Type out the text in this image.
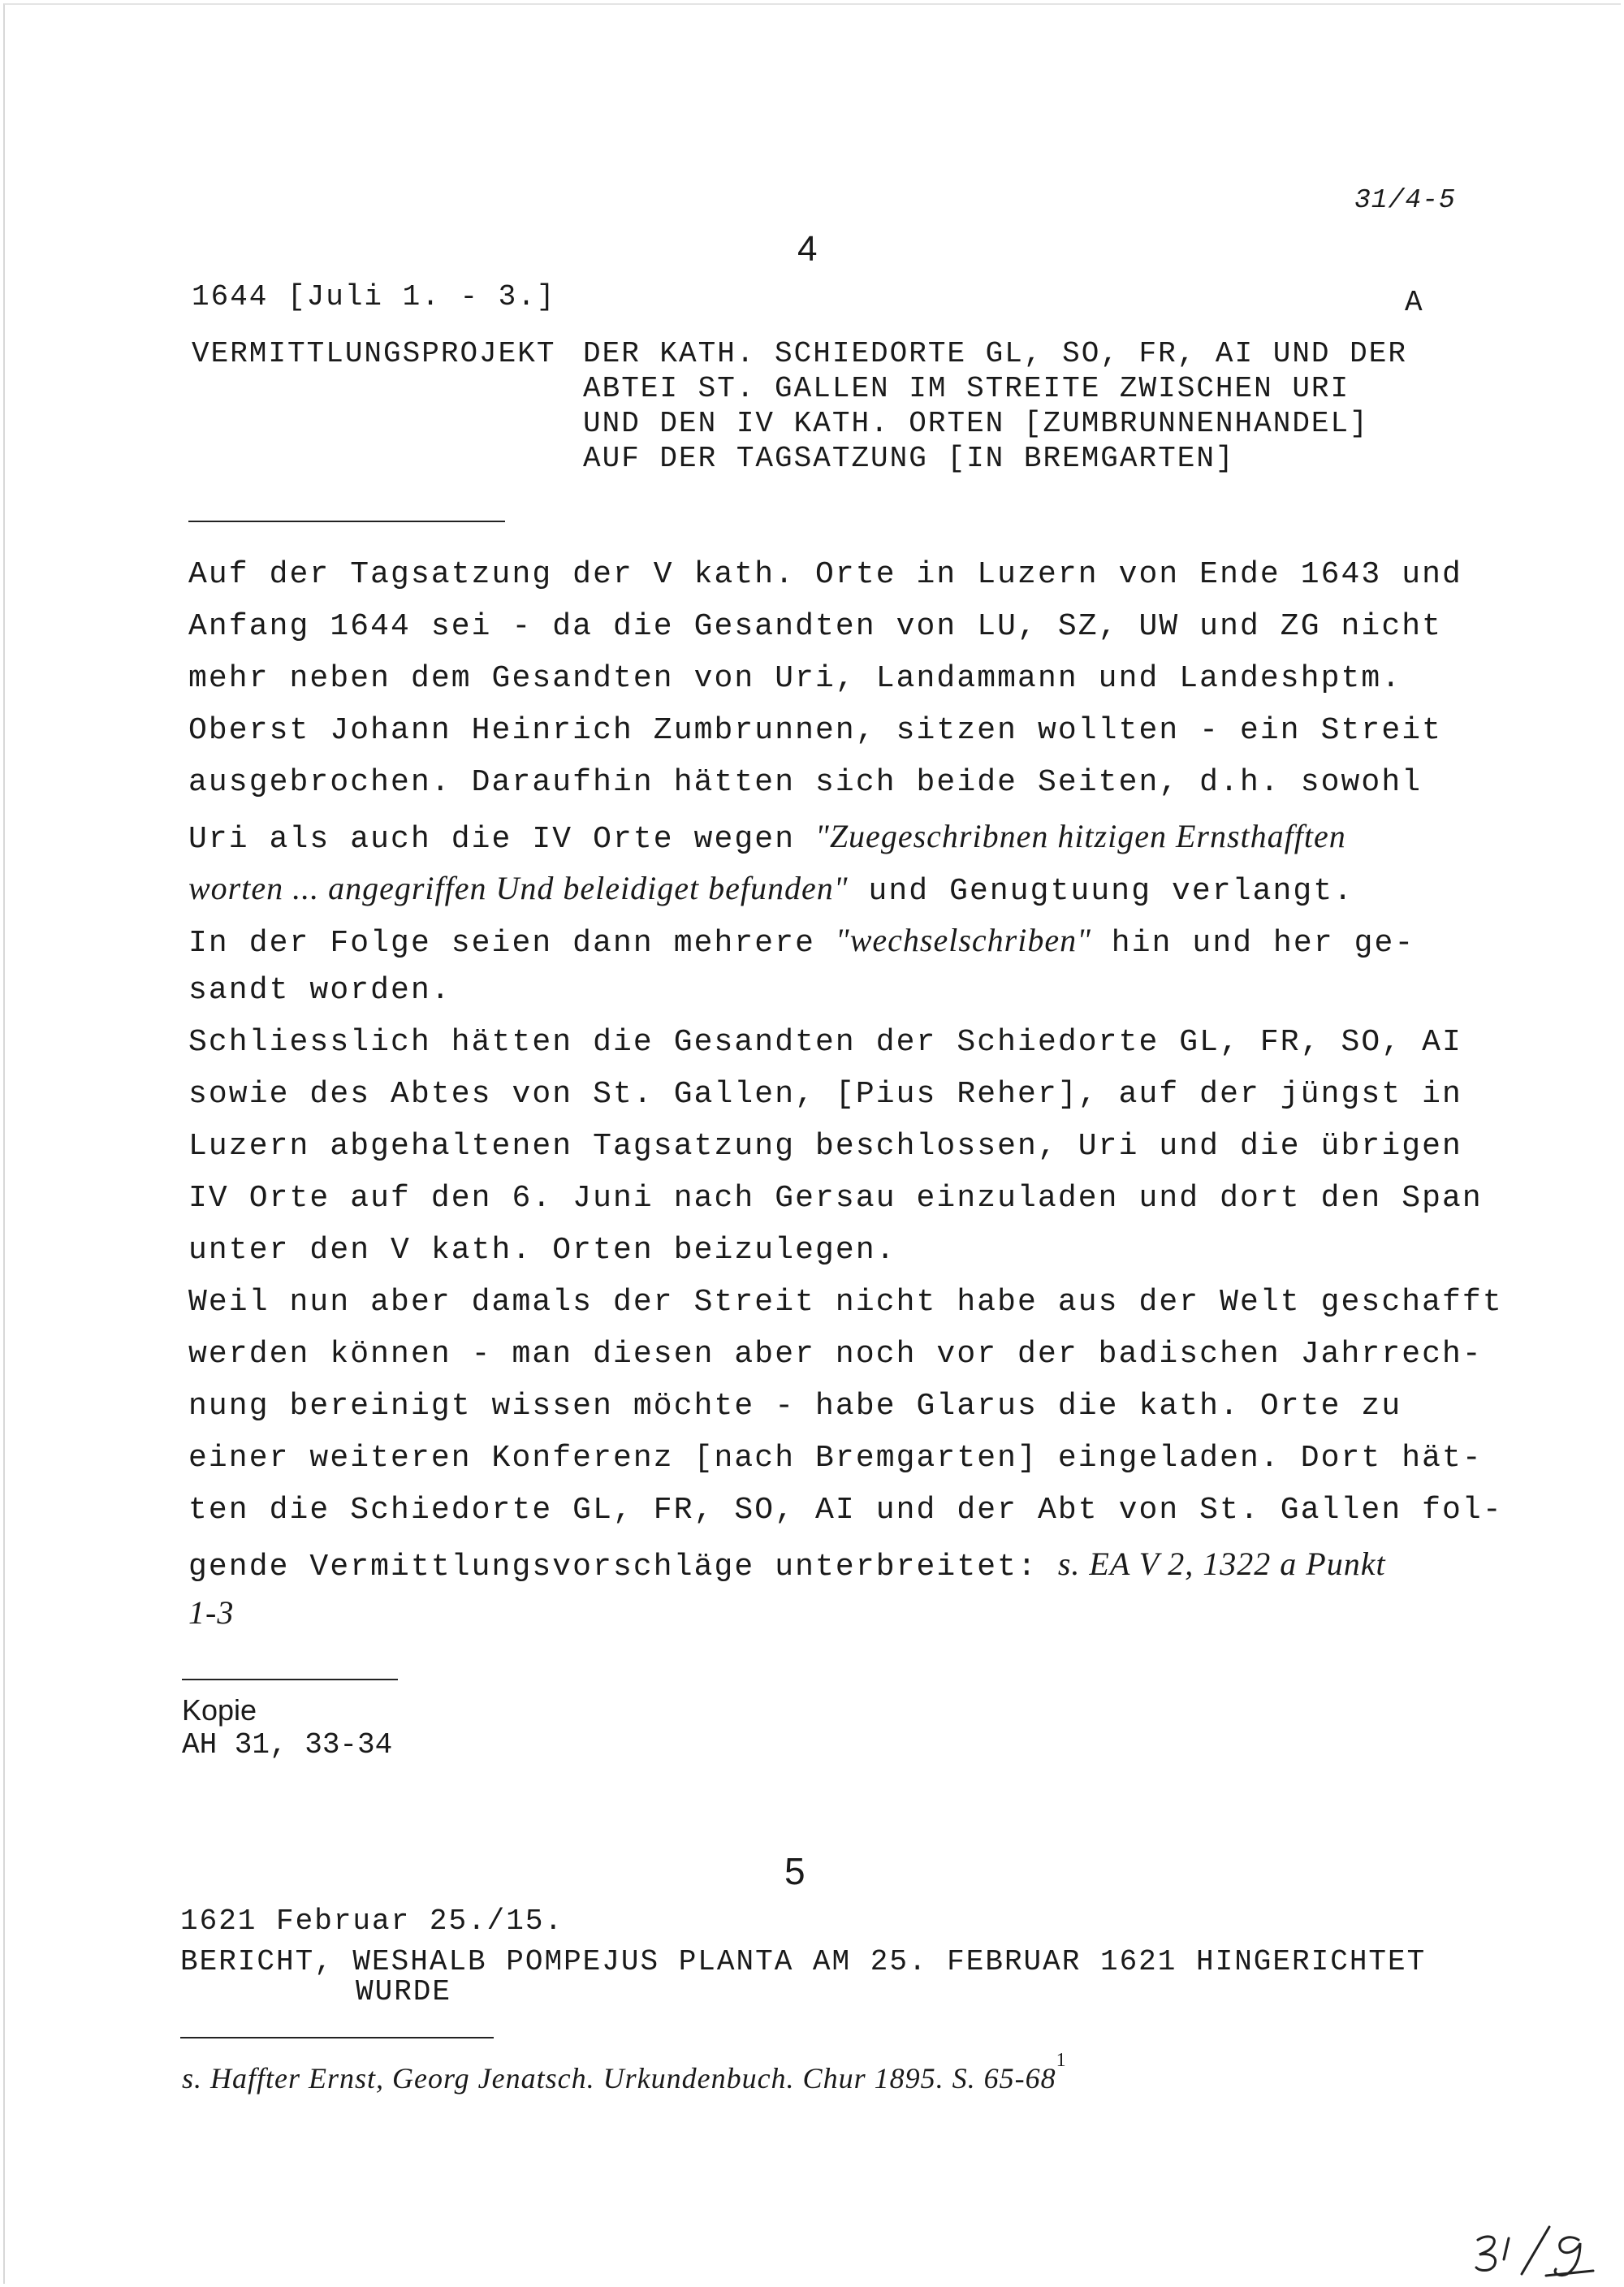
31/4-5
4
1644 [Juli 1. - 3.]	A
VERMITTLUNGSPROJEKT DER KATH. SCHIEDORTE GL, SO, FR, AI UND DER
ABTEI ST. GALLEN IM STREITE ZWISCHEN URI
UND DEN IV KATH. ORTEN [ZUMBRUNNENHANDEL]
AUF DER TAGSATZUNG [IN BREMGARTEN]
Auf der Tagsatzung der V kath. Orte in Luzern von Ende 1643 und
Anfang 1644 sei - da die Gesandten von LU, SZ, UW und ZG nicht
mehr neben dem Gesandten von Uri, Landammann und Landeshptm.
Oberst Johann Heinrich Zumbrunnen, sitzen wollten - ein Streit
ausgebrochen. Daraufhin hätten sich beide Seiten, d.h. sowohl
Uri als auch die IV Orte wegen "Zuegeschribnen hitzigen Ernsthafften
worten ... angegriffen Und beleidiget befunden" und Genugtuung verlangt.
In der Folge seien dann mehrere "wechselschriben" hin und her ge-
sandt worden.
Schliesslich hätten die Gesandten der Schiedorte GL, FR, SO, AI
sowie des Abtes von St. Gallen, [Pius Reher], auf der jüngst in
Luzern abgehaltenen Tagsatzung beschlossen, Uri und die übrigen
IV Orte auf den 6. Juni nach Gersau einzuladen und dort den Span
unter den V kath. Orten beizulegen.
Weil nun aber damals der Streit nicht habe aus der Welt geschafft
werden können - man diesen aber noch vor der badischen Jahrrech-
nung bereinigt wissen möchte - habe Glarus die kath. Orte zu
einer weiteren Konferenz [nach Bremgarten] eingeladen. Dort hät-
ten die Schiedorte GL, FR, SO, AI und der Abt von St. Gallen fol-
gende Vermittlungsvorschläge unterbreitet: s. EA V 2, 1322 a Punkt
1-3
Kopie
AH 31, 33-34
5
1621 Februar 25./15.
BERICHT, WESHALB POMPEJUS PLANTA AM 25. FEBRUAR 1621 HINGERICHTET
WURDE
s. Haffter Ernst, Georg Jenatsch. Urkundenbuch. Chur 1895. S. $65-68^1$
